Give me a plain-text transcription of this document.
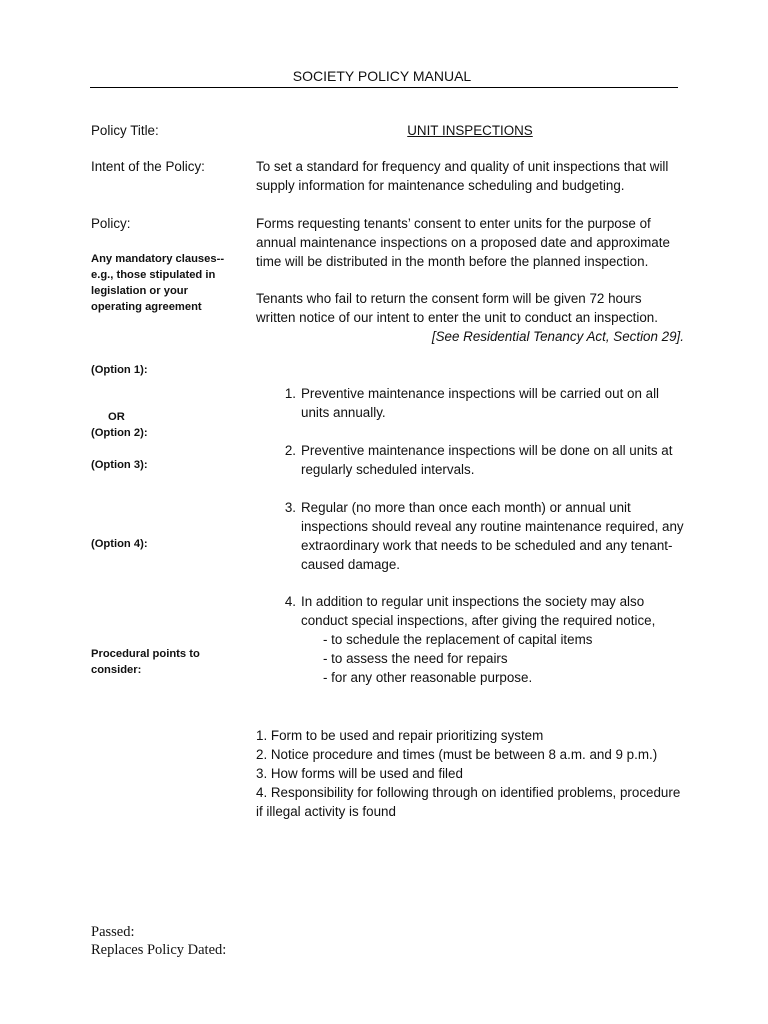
SOCIETY POLICY MANUAL
Policy Title:
Intent of the Policy:
Policy:
Any mandatory clauses--
e.g., those stipulated in
legislation or your
operating agreement
(Option 1):
OR
(Option 2):
(Option 3):
(Option 4):
Procedural points to
consider:
UNIT INSPECTIONS
To set a standard for frequency and quality of unit inspections that will
supply information for maintenance scheduling and budgeting.
Forms requesting tenants’ consent to enter units for the purpose of
annual maintenance inspections on a proposed date and approximate
time will be distributed in the month before the planned inspection.
Tenants who fail to return the consent form will be given 72 hours
written notice of our intent to enter the unit to conduct an inspection.
[See Residential Tenancy Act, Section 29].
1. Preventive maintenance inspections will be carried out on all
units annually.
2. Preventive maintenance inspections will be done on all units at
regularly scheduled intervals.
3. Regular (no more than once each month) or annual unit
inspections should reveal any routine maintenance required, any
extraordinary work that needs to be scheduled and any tenant-
caused damage.
4. In addition to regular unit inspections the society may also
conduct special inspections, after giving the required notice,
- to schedule the replacement of capital items
- to assess the need for repairs
- for any other reasonable purpose.
1. Form to be used and repair prioritizing system
2. Notice procedure and times (must be between 8 a.m. and 9 p.m.)
3. How forms will be used and filed
4. Responsibility for following through on identified problems, procedure
if illegal activity is found
Passed:
Replaces Policy Dated:
